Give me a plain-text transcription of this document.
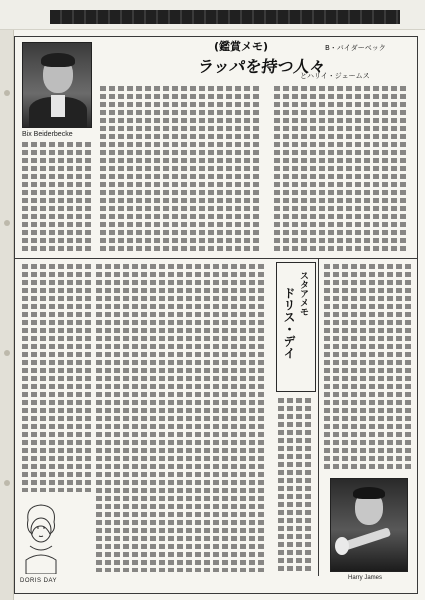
Bix Beiderbecke
(鑑賞メモ)
ラッパを持つ人々
B・バイダーベック
とハリイ・ジェームス
スタアメモ
ドリス・デイ
DORIS DAY	Harry James
